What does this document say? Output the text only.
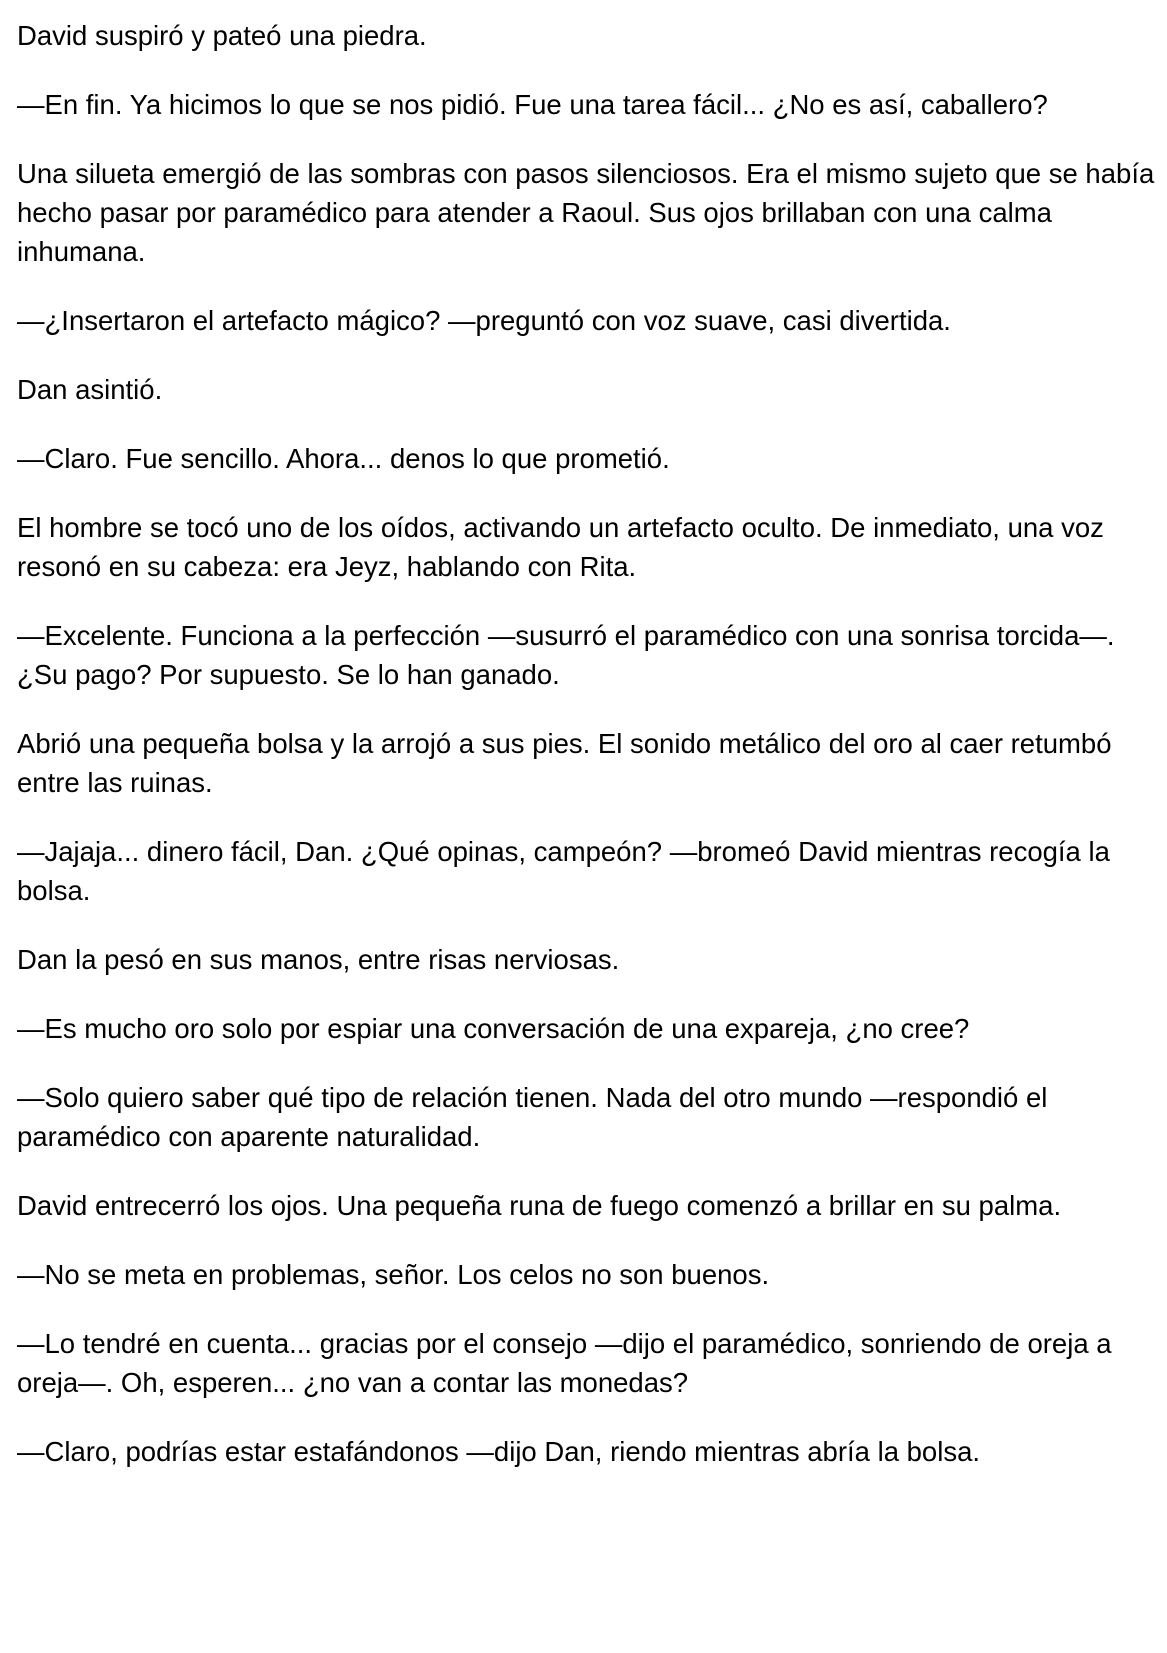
David suspiró y pateó una piedra.

—En fin. Ya hicimos lo que se nos pidió. Fue una tarea fácil... ¿No es así, caballero?

Una silueta emergió de las sombras con pasos silenciosos. Era el mismo sujeto que se había hecho pasar por paramédico para atender a Raoul. Sus ojos brillaban con una calma inhumana.

—¿Insertaron el artefacto mágico? —preguntó con voz suave, casi divertida.

Dan asintió.

—Claro. Fue sencillo. Ahora... denos lo que prometió.

El hombre se tocó uno de los oídos, activando un artefacto oculto. De inmediato, una voz resonó en su cabeza: era Jeyz, hablando con Rita.

—Excelente. Funciona a la perfección —susurró el paramédico con una sonrisa torcida—. ¿Su pago? Por supuesto. Se lo han ganado.

Abrió una pequeña bolsa y la arrojó a sus pies. El sonido metálico del oro al caer retumbó entre las ruinas.

—Jajaja... dinero fácil, Dan. ¿Qué opinas, campeón? —bromeó David mientras recogía la bolsa.

Dan la pesó en sus manos, entre risas nerviosas.

—Es mucho oro solo por espiar una conversación de una expareja, ¿no cree?

—Solo quiero saber qué tipo de relación tienen. Nada del otro mundo —respondió el paramédico con aparente naturalidad.

David entrecerró los ojos. Una pequeña runa de fuego comenzó a brillar en su palma.

—No se meta en problemas, señor. Los celos no son buenos.

—Lo tendré en cuenta... gracias por el consejo —dijo el paramédico, sonriendo de oreja a oreja—. Oh, esperen... ¿no van a contar las monedas?

—Claro, podrías estar estafándonos —dijo Dan, riendo mientras abría la bolsa.
